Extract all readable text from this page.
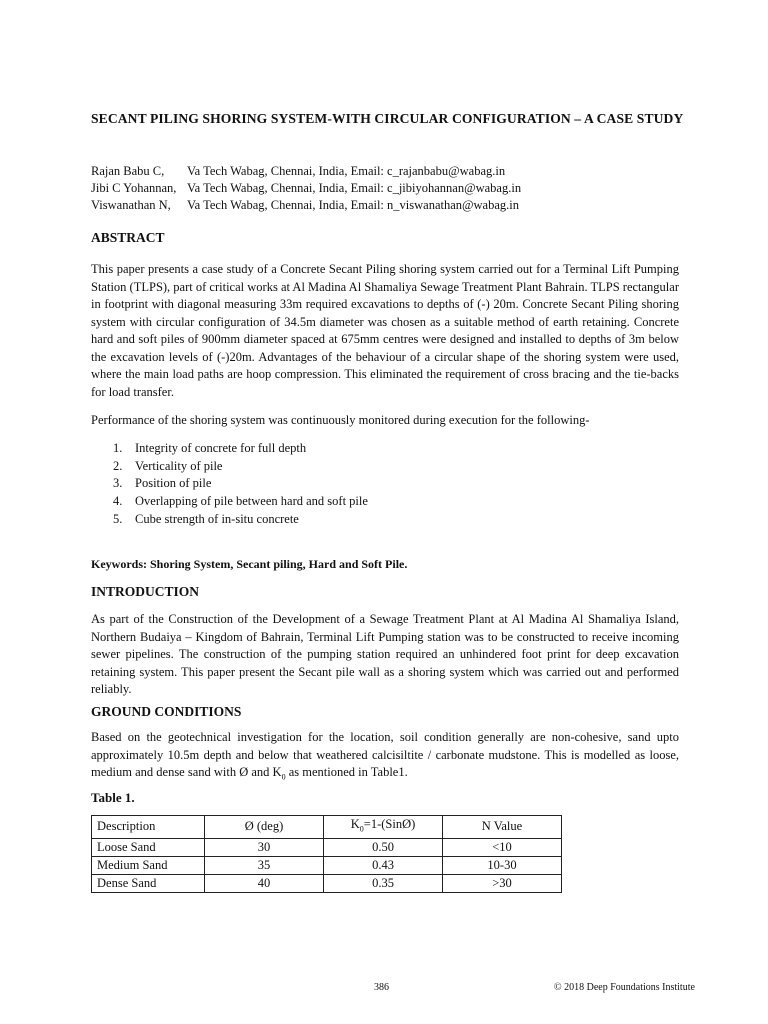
SECANT PILING SHORING SYSTEM-WITH CIRCULAR CONFIGURATION – A CASE STUDY
Rajan Babu C, Va Tech Wabag, Chennai, India, Email: c_rajanbabu@wabag.in
Jibi C Yohannan, Va Tech Wabag, Chennai, India, Email: c_jibiyohannan@wabag.in
Viswanathan N, Va Tech Wabag, Chennai, India, Email: n_viswanathan@wabag.in
ABSTRACT
This paper presents a case study of a Concrete Secant Piling shoring system carried out for a Terminal Lift Pumping Station (TLPS), part of critical works at Al Madina Al Shamaliya Sewage Treatment Plant Bahrain. TLPS rectangular in footprint with diagonal measuring 33m required excavations to depths of (-) 20m. Concrete Secant Piling shoring system with circular configuration of 34.5m diameter was chosen as a suitable method of earth retaining. Concrete hard and soft piles of 900mm diameter spaced at 675mm centres were designed and installed to depths of 3m below the excavation levels of (-)20m. Advantages of the behaviour of a circular shape of the shoring system were used, where the main load paths are hoop compression. This eliminated the requirement of cross bracing and the tie-backs for load transfer.
Performance of the shoring system was continuously monitored during execution for the following-
1. Integrity of concrete for full depth
2. Verticality of pile
3. Position of pile
4. Overlapping of pile between hard and soft pile
5. Cube strength of in-situ concrete
Keywords: Shoring System, Secant piling, Hard and Soft Pile.
INTRODUCTION
As part of the Construction of the Development of a Sewage Treatment Plant at Al Madina Al Shamaliya Island, Northern Budaiya – Kingdom of Bahrain, Terminal Lift Pumping station was to be constructed to receive incoming sewer pipelines. The construction of the pumping station required an unhindered foot print for deep excavation retaining system. This paper present the Secant pile wall as a shoring system which was carried out and performed reliably.
GROUND CONDITIONS
Based on the geotechnical investigation for the location, soil condition generally are non-cohesive, sand upto approximately 10.5m depth and below that weathered calcisiltite / carbonate mudstone. This is modelled as loose, medium and dense sand with Ø and $K_0$ as mentioned in Table1.
Table 1.
Description	Ø (deg)	$K_0=1-(SinØ)$	N Value
Loose Sand	30	0.50	<10
Medium Sand	35	0.43	10-30
Dense Sand	40	0.35	>30
386	© 2018 Deep Foundations Institute
